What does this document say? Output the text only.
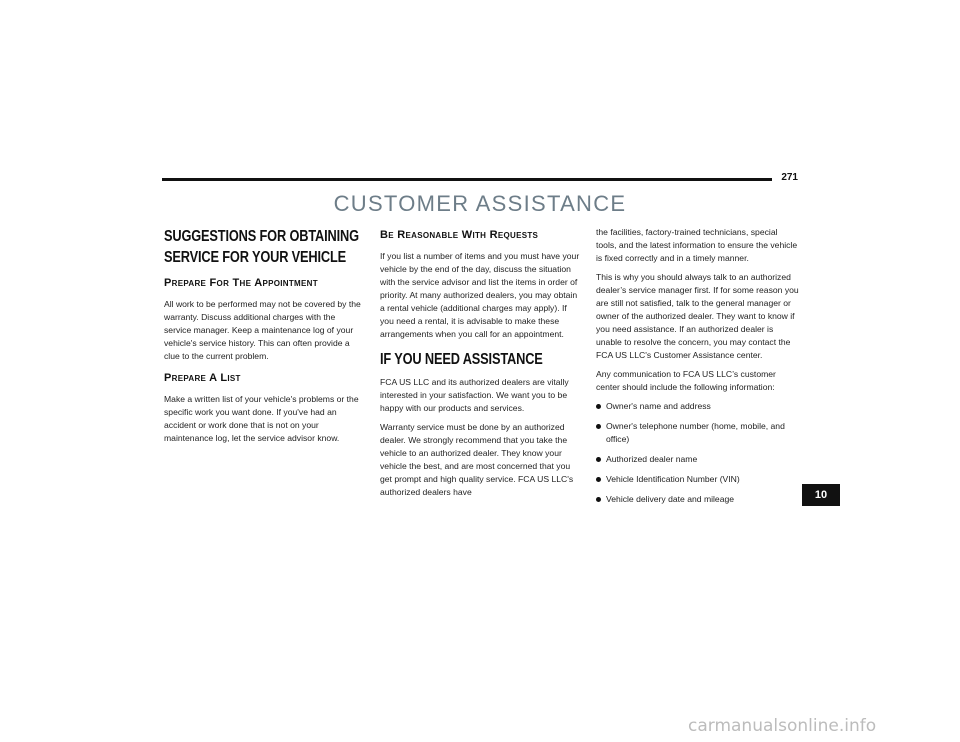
271
CUSTOMER ASSISTANCE
SUGGESTIONS FOR OBTAINING SERVICE FOR YOUR VEHICLE
Prepare For The Appointment

All work to be performed may not be covered by the warranty. Discuss additional charges with the service manager. Keep a maintenance log of your vehicle's service history. This can often provide a clue to the current problem.

Prepare A List

Make a written list of your vehicle's problems or the specific work you want done. If you've had an accident or work done that is not on your maintenance log, let the service advisor know.

Be Reasonable With Requests

If you list a number of items and you must have your vehicle by the end of the day, discuss the situation with the service advisor and list the items in order of priority. At many authorized dealers, you may obtain a rental vehicle (additional charges may apply). If you need a rental, it is advisable to make these arrangements when you call for an appointment.

IF YOU NEED ASSISTANCE

FCA US LLC and its authorized dealers are vitally interested in your satisfaction. We want you to be happy with our products and services.

Warranty service must be done by an authorized dealer. We strongly recommend that you take the vehicle to an authorized dealer. They know your vehicle the best, and are most concerned that you get prompt and high quality service. FCA US LLC's authorized dealers have

the facilities, factory-trained technicians, special tools, and the latest information to ensure the vehicle is fixed correctly and in a timely manner.

This is why you should always talk to an authorized dealer’s service manager first. If for some reason you are still not satisfied, talk to the general manager or owner of the authorized dealer. They want to know if you need assistance. If an authorized dealer is unable to resolve the concern, you may contact the FCA US LLC's Customer Assistance center.

Any communication to FCA US LLC’s customer center should include the following information:

Owner's name and address
Owner's telephone number (home, mobile, and office)
Authorized dealer name
Vehicle Identification Number (VIN)
Vehicle delivery date and mileage	10
carmanualsonline.info
